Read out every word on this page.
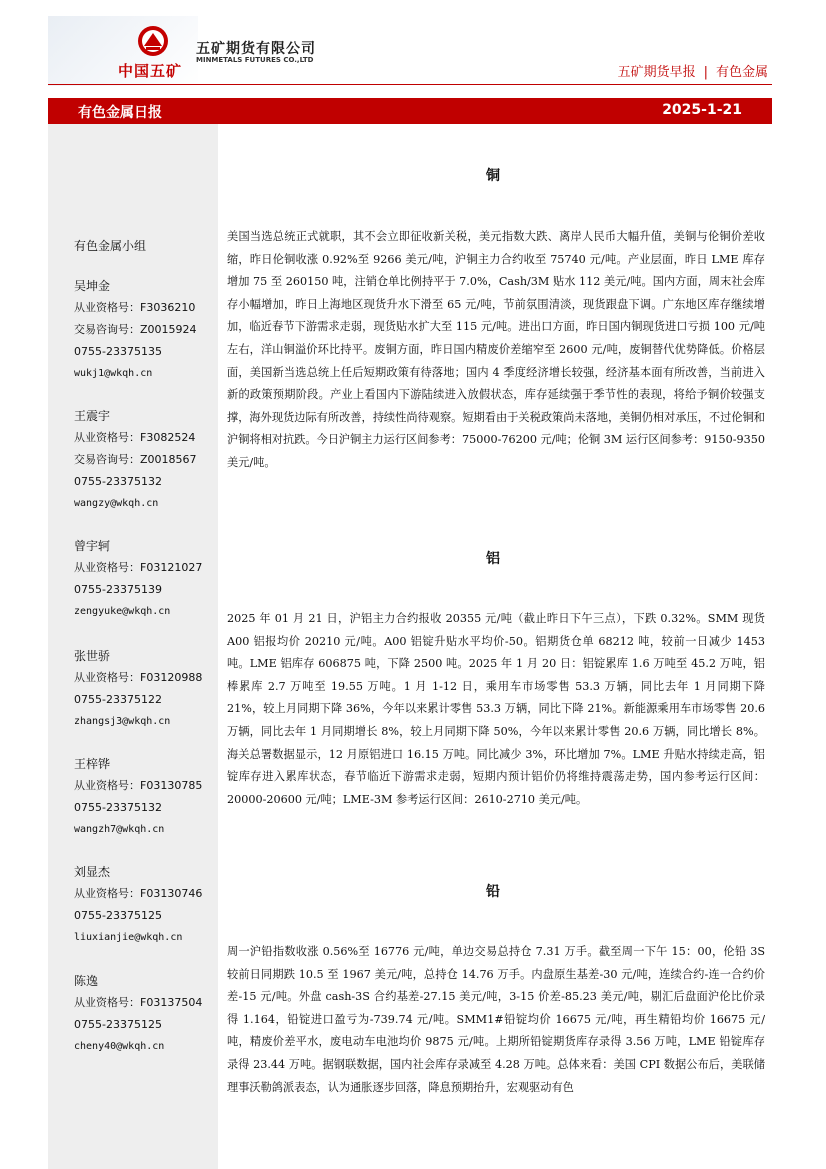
中国五矿
五矿期货有限公司
MINMETALS FUTURES CO.,LTD
五矿期货早报 | 有色金属
有色金属日报	2025-1-21
有色金属小组
吴坤金
从业资格号：F3036210
交易咨询号：Z0015924
0755-23375135
wukj1@wkqh.cn
王震宇
从业资格号：F3082524
交易咨询号：Z0018567
0755-23375132
wangzy@wkqh.cn
曾宇轲
从业资格号：F03121027
0755-23375139
zengyuke@wkqh.cn
张世骄
从业资格号：F03120988
0755-23375122
zhangsj3@wkqh.cn
王梓铧
从业资格号：F03130785
0755-23375132
wangzh7@wkqh.cn
刘显杰
从业资格号：F03130746
0755-23375125
liuxianjie@wkqh.cn
陈逸
从业资格号：F03137504
0755-23375125
cheny40@wkqh.cn
铜

美国当选总统正式就职，其不会立即征收新关税，美元指数大跌、离岸人民币大幅升值，美铜与伦铜价差收缩，昨日伦铜收涨 0.92%至 9266 美元/吨，沪铜主力合约收至 75740 元/吨。产业层面，昨日 LME 库存增加 75 至 260150 吨，注销仓单比例持平于 7.0%，Cash/3M 贴水 112 美元/吨。国内方面，周末社会库存小幅增加，昨日上海地区现货升水下滑至 65 元/吨，节前氛围清淡，现货跟盘下调。广东地区库存继续增加，临近春节下游需求走弱，现货贴水扩大至 115 元/吨。进出口方面，昨日国内铜现货进口亏损 100 元/吨左右，洋山铜溢价环比持平。废铜方面，昨日国内精废价差缩窄至 2600 元/吨，废铜替代优势降低。价格层面，美国新当选总统上任后短期政策有待落地；国内 4 季度经济增长较强，经济基本面有所改善，当前进入新的政策预期阶段。产业上看国内下游陆续进入放假状态，库存延续强于季节性的表现，将给予铜价较强支撑，海外现货边际有所改善，持续性尚待观察。短期看由于关税政策尚未落地，美铜仍相对承压，不过伦铜和沪铜将相对抗跌。今日沪铜主力运行区间参考：75000-76200 元/吨；伦铜 3M 运行区间参考：9150-9350 美元/吨。

铝

2025 年 01 月 21 日，沪铝主力合约报收 20355 元/吨（截止昨日下午三点），下跌 0.32%。SMM 现货 A00 铝报均价 20210 元/吨。A00 铝锭升贴水平均价-50。铝期货仓单 68212 吨，较前一日减少 1453 吨。LME 铝库存 606875 吨，下降 2500 吨。2025 年 1 月 20 日：铝锭累库 1.6 万吨至 45.2 万吨，铝棒累库 2.7 万吨至 19.55 万吨。1 月 1-12 日，乘用车市场零售 53.3 万辆，同比去年 1 月同期下降 21%，较上月同期下降 36%，今年以来累计零售 53.3 万辆，同比下降 21%。新能源乘用车市场零售 20.6 万辆，同比去年 1 月同期增长 8%，较上月同期下降 50%，今年以来累计零售 20.6 万辆，同比增长 8%。海关总署数据显示，12 月原铝进口 16.15 万吨。同比减少 3%，环比增加 7%。LME 升贴水持续走高，铝锭库存进入累库状态，春节临近下游需求走弱，短期内预计铝价仍将维持震荡走势，国内参考运行区间：20000-20600 元/吨；LME-3M 参考运行区间：2610-2710 美元/吨。

铅

周一沪铅指数收涨 0.56%至 16776 元/吨，单边交易总持仓 7.31 万手。截至周一下午 15：00，伦铅 3S 较前日同期跌 10.5 至 1967 美元/吨，总持仓 14.76 万手。内盘原生基差-30 元/吨，连续合约-连一合约价差-15 元/吨。外盘 cash-3S 合约基差-27.15 美元/吨，3-15 价差-85.23 美元/吨，剔汇后盘面沪伦比价录得 1.164，铅锭进口盈亏为-739.74 元/吨。SMM1#铅锭均价 16675 元/吨，再生精铅均价 16675 元/吨，精废价差平水，废电动车电池均价 9875 元/吨。上期所铅锭期货库存录得 3.56 万吨，LME 铅锭库存录得 23.44 万吨。据钢联数据，国内社会库存录减至 4.28 万吨。总体来看：美国 CPI 数据公布后，美联储理事沃勒鸽派表态，认为通胀逐步回落，降息预期抬升，宏观驱动有色
